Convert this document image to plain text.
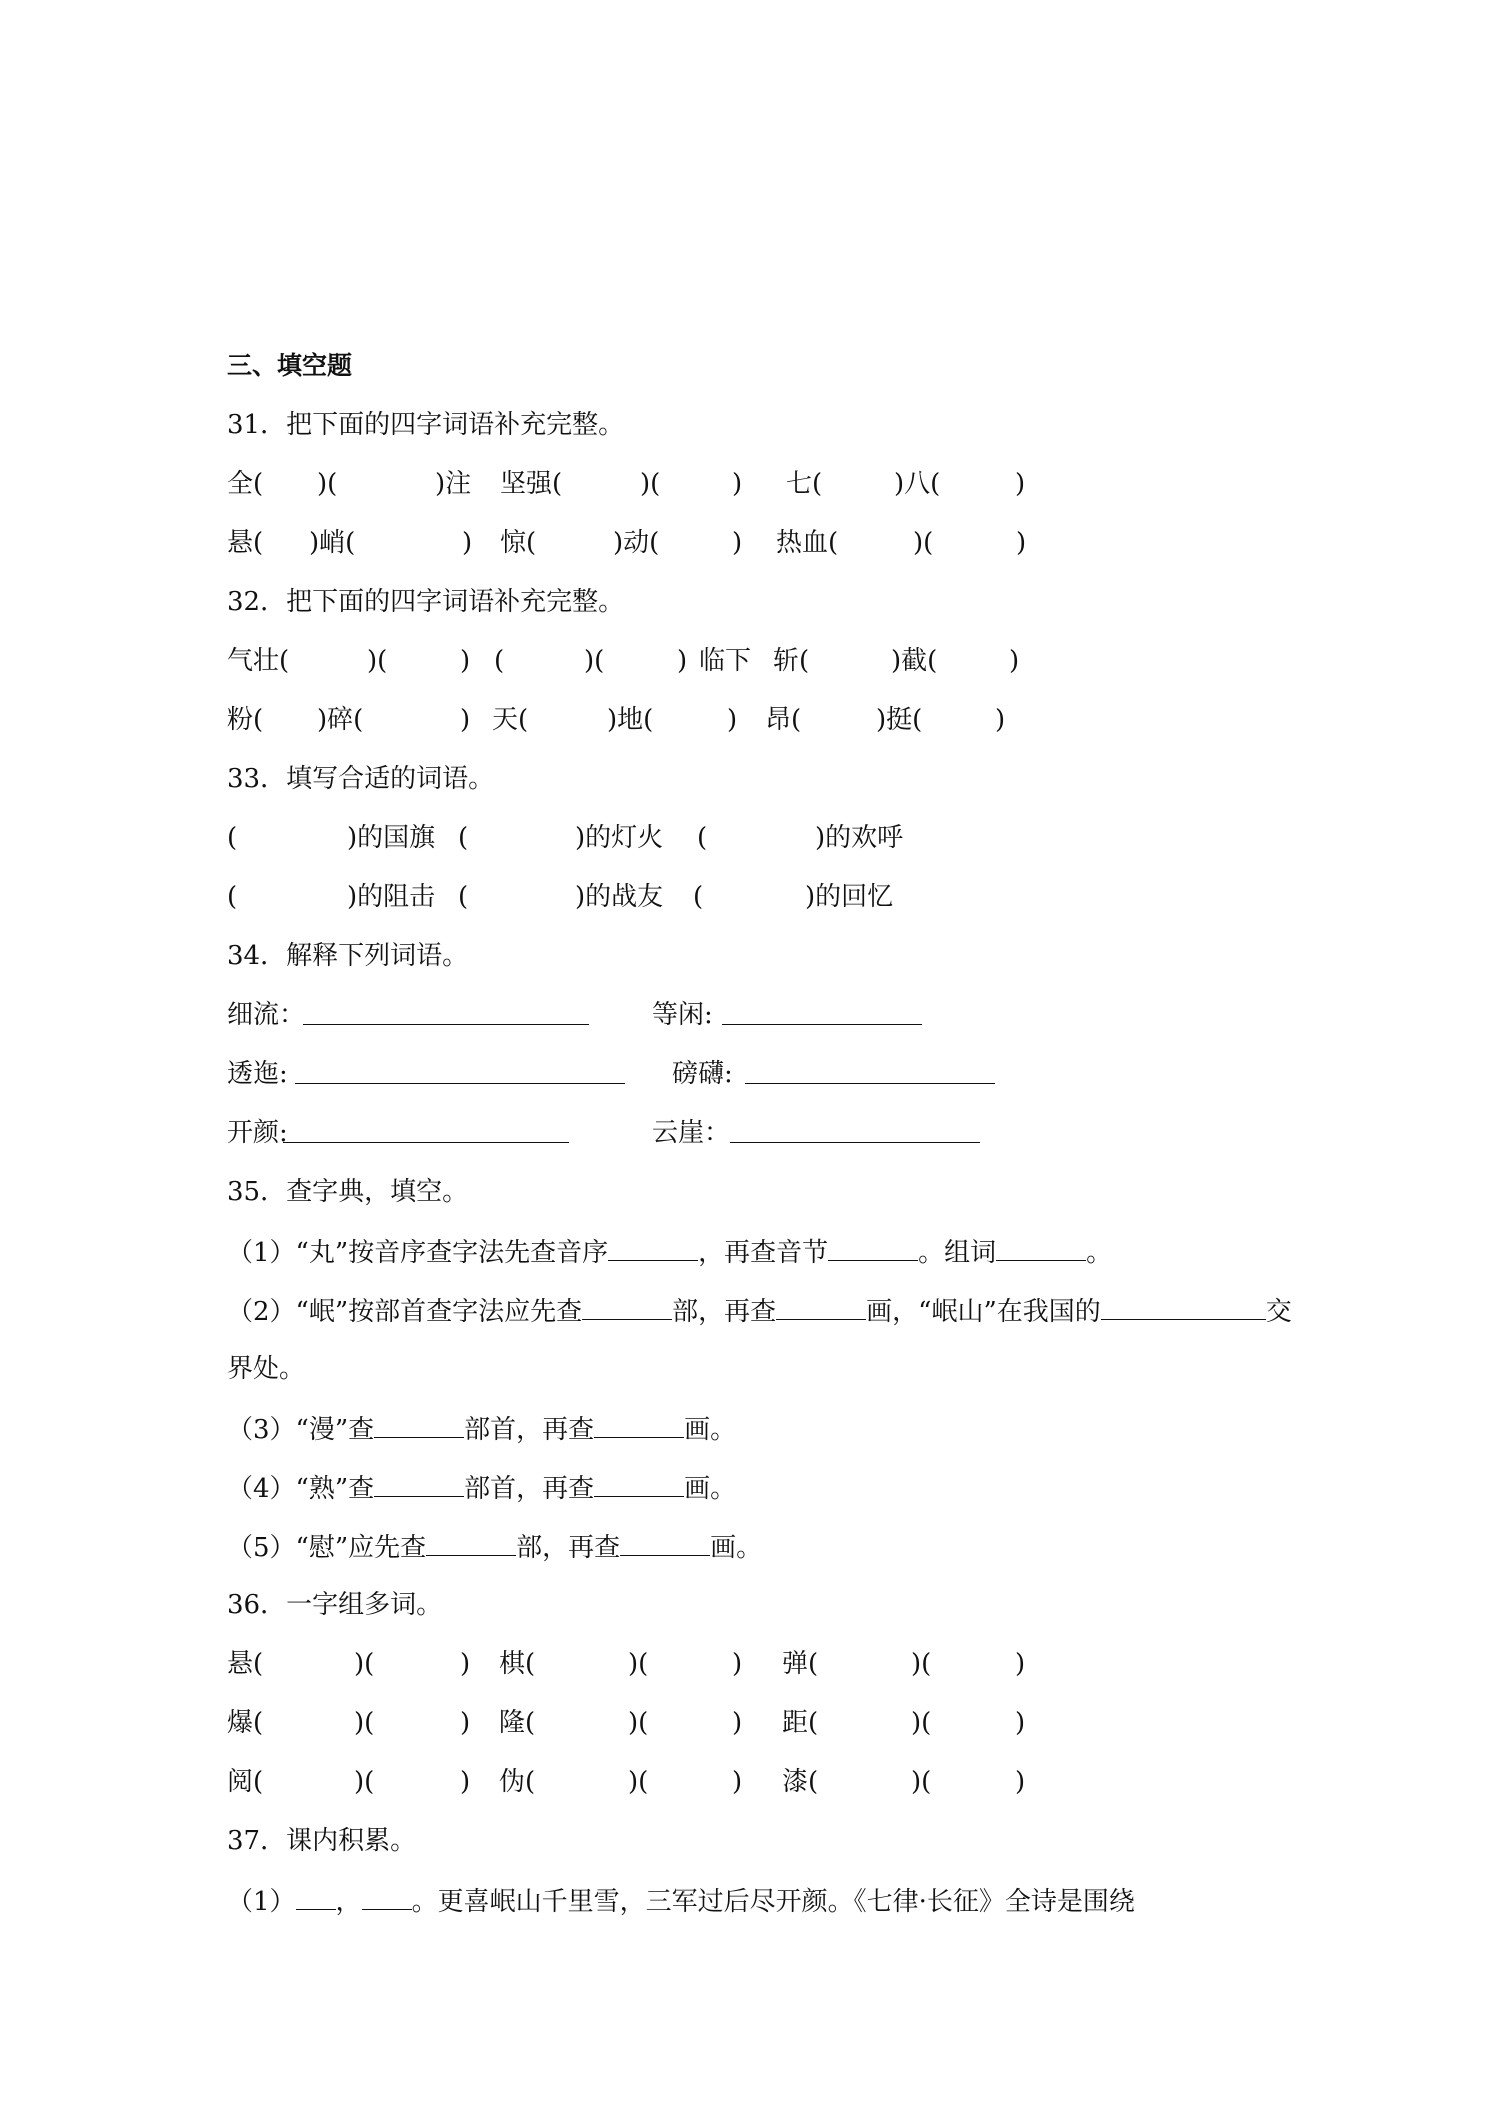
三、填空题
31．把下面的四字词语补充完整。
全( )(	)注 坚强(	)(	) 七(	)八(	)
悬( )峭(	) 惊(	)动(	) 热血(	)(	)
32．把下面的四字词语补充完整。
气壮(	)(	) (	)(	) 临下 斩(	)截(	)
粉( )碎(	) 天(	)地(	) 昂(	)挺(	)
33．填写合适的词语。
(	)的国旗 (	)的灯火 (	)的欢呼
(	)的阻击 (	)的战友 (	)的回忆
34．解释下列词语。
细流：	等闲:
透迤:	磅礴:
开颜:	云崖：
35．查字典，填空。
（1）“丸”按音序查字法先查音序	，再查音节	。组词	。
（2）“岷”按部首查字法应先查	部，再查	画，“岷山”在我国的	交
界处。
（3）“漫”查	部首，再查	画。
（4）“熟”查	部首，再查	画。
（5）“慰”应先查	部，再查	画。
36．一字组多词。
悬(	)(	) 棋(	)(	) 弹(	)(	)
爆(	)(	) 隆(	)(	) 距(	)(	)
阅(	)(	) 伪(	)(	) 漆(	)(	)
37．课内积累。
（1） ， 。更喜岷山千里雪，三军过后尽开颜。《七律·长征》全诗是围绕
